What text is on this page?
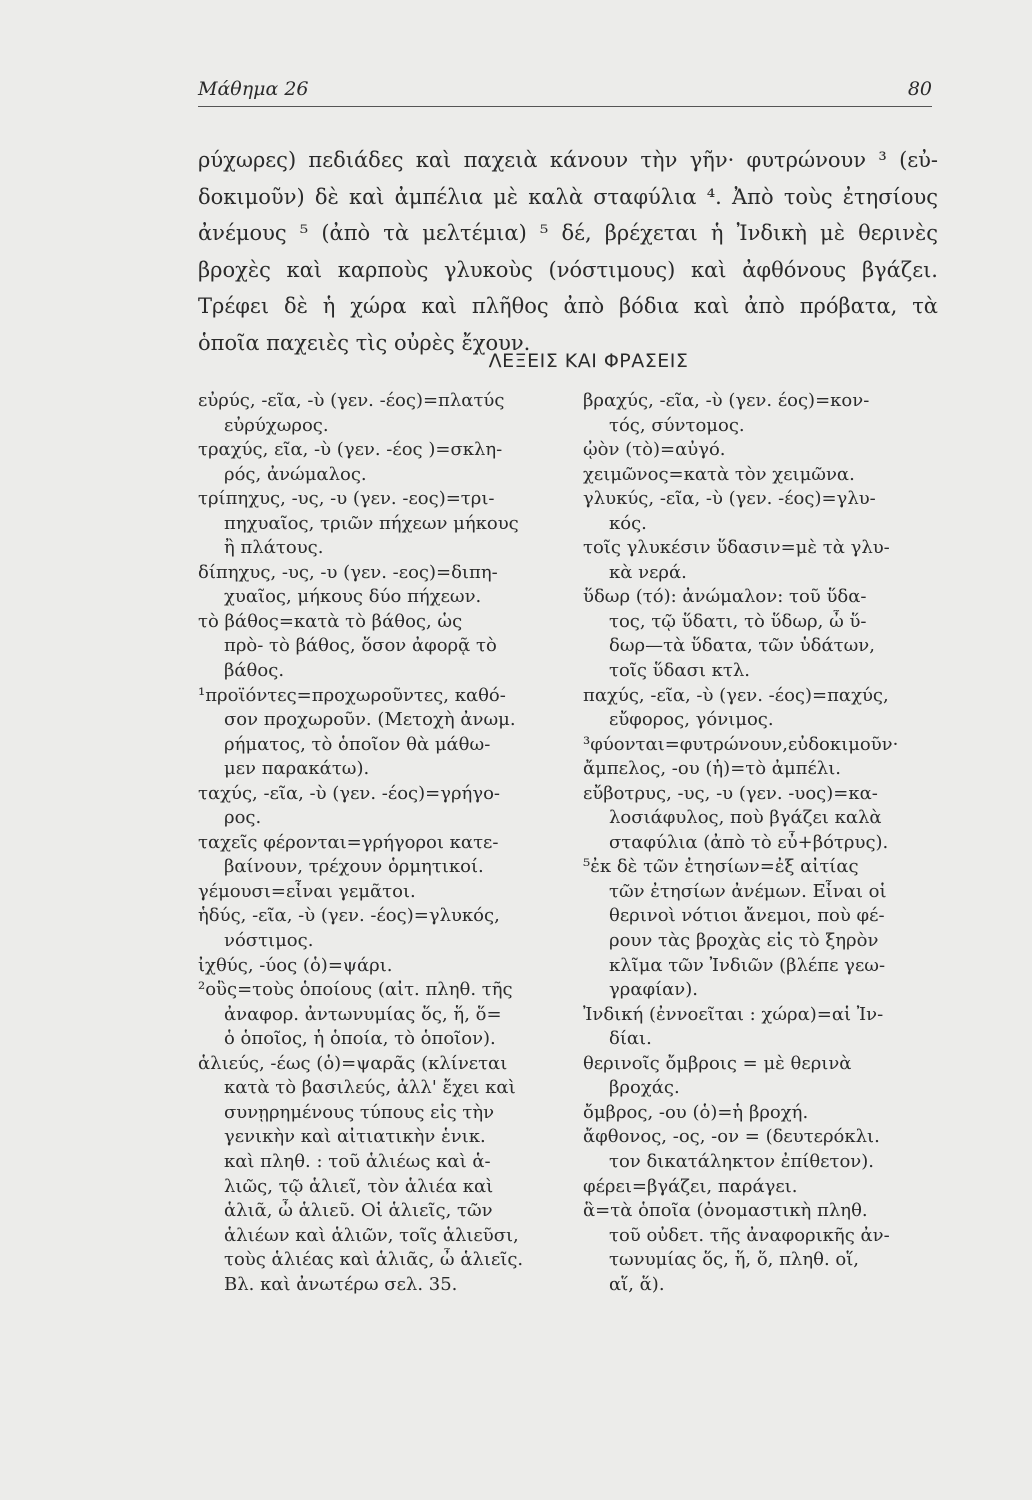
Μάθημα 26	80
ρύχωρες) πεδιάδες καὶ παχειὰ κάνουν τὴν γῆν· φυτρώνουν ³ (εὐ-
δοκιμοῦν) δὲ καὶ ἀμπέλια μὲ καλὰ σταφύλια ⁴. Ἀπὸ τοὺς ἐτησίους
ἀνέμους ⁵ (ἀπὸ τὰ μελτέμια) ⁵ δέ, βρέχεται ἡ Ἰνδικὴ μὲ θερινὲς
βροχὲς καὶ καρποὺς γλυκοὺς (νόστιμους) καὶ ἀφθόνους βγάζει.
Τρέφει δὲ ἡ χώρα καὶ πλῆθος ἀπὸ βόδια καὶ ἀπὸ πρόβατα, τὰ
ὁποῖα παχειὲς τὶς οὐρὲς ἔχουν.
ΛΕΞΕΙΣ ΚΑΙ ΦΡΑΣΕΙΣ
εὐρύς, -εῖα, -ὺ (γεν. -έος)=πλατύς
εὐρύχωρος.
τραχύς, εῖα, -ὺ (γεν. -έος )=σκλη-
ρός, ἀνώμαλος.
τρίπηχυς, -υς, -υ (γεν. -εος)=τρι-
πηχυαῖος, τριῶν πήχεων μήκους
ἢ πλάτους.
δίπηχυς, -υς, -υ (γεν. -εος)=διπη-
χυαῖος, μήκους δύο πήχεων.
τὸ βάθος=κατὰ τὸ βάθος, ὡς
πρὸ- τὸ βάθος, ὅσον ἀφορᾷ τὸ
βάθος.
¹προϊόντες=προχωροῦντες, καθό-
σον προχωροῦν. (Μετοχὴ ἀνωμ.
ρήματος, τὸ ὁποῖον θὰ μάθω-
μεν παρακάτω).
ταχύς, -εῖα, -ὺ (γεν. -έος)=γρήγο-
ρος.
ταχεῖς φέρονται=γρήγοροι κατε-
βαίνουν, τρέχουν ὁρμητικοί.
γέμουσι=εἶναι γεμᾶτοι.
ἡδύς, -εῖα, -ὺ (γεν. -έος)=γλυκός,
νόστιμος.
ἰχθύς, -ύος (ὁ)=ψάρι.
²οὓς=τοὺς ὁποίους (αἰτ. πληθ. τῆς
ἀναφορ. ἀντωνυμίας ὅς, ἥ, ὅ=
ὁ ὁποῖος, ἡ ὁποία, τὸ ὁποῖον).
ἁλιεύς, -έως (ὁ)=ψαρᾶς (κλίνεται
κατὰ τὸ βασιλεύς, ἀλλ' ἔχει καὶ
συνῃρημένους τύπους εἰς τὴν
γενικὴν καὶ αἰτιατικὴν ἑνικ.
καὶ πληθ. : τοῦ ἁλιέως καὶ ἁ-
λιῶς, τῷ ἁλιεῖ, τὸν ἁλιέα καὶ
ἁλιᾶ, ὦ ἁλιεῦ. Οἱ ἁλιεῖς, τῶν
ἁλιέων καὶ ἁλιῶν, τοῖς ἁλιεῦσι,
τοὺς ἁλιέας καὶ ἁλιᾶς, ὦ ἁλιεῖς.
Βλ. καὶ ἀνωτέρω σελ. 35.
βραχύς, -εῖα, -ὺ (γεν. έος)=κον-
τός, σύντομος.
ᾠὸν (τὸ)=αὐγό.
χειμῶνος=κατὰ τὸν χειμῶνα.
γλυκύς, -εῖα, -ὺ (γεν. -έος)=γλυ-
κός.
τοῖς γλυκέσιν ὕδασιν=μὲ τὰ γλυ-
κὰ νερά.
ὕδωρ (τό): ἀνώμαλον: τοῦ ὕδα-
τος, τῷ ὕδατι, τὸ ὕδωρ, ὦ ὕ-
δωρ—τὰ ὕδατα, τῶν ὑδάτων,
τοῖς ὕδασι κτλ.
παχύς, -εῖα, -ὺ (γεν. -έος)=παχύς,
εὔφορος, γόνιμος.
³φύονται=φυτρώνουν,εὐδοκιμοῦν·
ἄμπελος, -ου (ἡ)=τὸ ἀμπέλι.
εὔβοτρυς, -υς, -υ (γεν. -υος)=κα-
λοσιάφυλος, ποὺ βγάζει καλὰ
σταφύλια (ἀπὸ τὸ εὖ+βότρυς).
⁵ἐκ δὲ τῶν ἐτησίων=ἐξ αἰτίας
τῶν ἐτησίων ἀνέμων. Εἶναι οἱ
θερινοὶ νότιοι ἄνεμοι, ποὺ φέ-
ρουν τὰς βροχὰς εἰς τὸ ξηρὸν
κλῖμα τῶν Ἰνδιῶν (βλέπε γεω-
γραφίαν).
Ἰνδική (ἐννοεῖται : χώρα)=αἱ Ἰν-
δίαι.
θερινοῖς ὄμβροις = μὲ θερινὰ
βροχάς.
ὄμβρος, -ου (ὁ)=ἡ βροχή.
ἄφθονος, -ος, -ον = (δευτερόκλι.
τον δικατάληκτον ἐπίθετον).
φέρει=βγάζει, παράγει.
ἃ=τὰ ὁποῖα (ὀνομαστικὴ πληθ.
τοῦ οὐδετ. τῆς ἀναφορικῆς ἀν-
τωνυμίας ὅς, ἥ, ὅ, πληθ. οἵ,
αἵ, ἅ).
